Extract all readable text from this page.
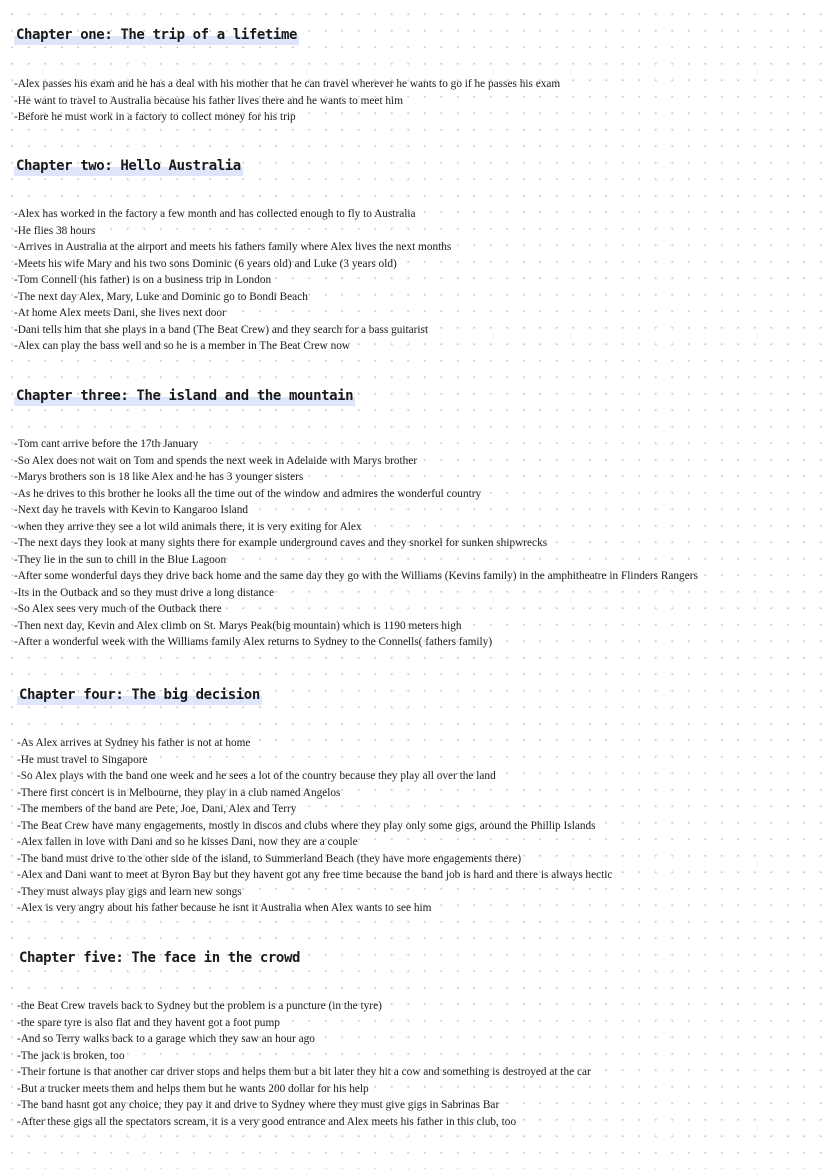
Chapter one: The trip of a lifetime

-Alex passes his exam and he has a deal with his mother that he can travel wherever he wants to go if he passes his exam

-He want to travel to Australia because his father lives there and he wants to meet him

-Before he must work in a factory to collect money for his trip

Chapter two: Hello Australia

-Alex has worked in the factory a few month and has collected enough to fly to Australia

-He flies 38 hours

-Arrives in Australia at the airport and meets his fathers family where Alex lives the next months

-Meets his wife Mary and his two sons Dominic (6 years old) and Luke (3 years old)

-Tom Connell (his father) is on a business trip in London

-The next day Alex, Mary, Luke and Dominic go to Bondi Beach

-At home Alex meets Dani, she lives next door

-Dani tells him that she plays in a band (The Beat Crew) and they search for a bass guitarist

-Alex can play the bass well and so he is a member in The Beat Crew now

Chapter three: The island and the mountain

-Tom cant arrive before the 17th January

-So Alex does not wait on Tom and spends the next week in Adelaide with Marys brother

-Marys brothers son is 18 like Alex and he has 3 younger sisters

-As he drives to this brother he looks all the time out of the window and admires the wonderful country

-Next day he travels with Kevin to Kangaroo Island

-when they arrive they see a lot wild animals there, it is very exiting for Alex

-The next days they look at many sights there for example underground caves and they snorkel for sunken shipwrecks

-They lie in the sun to chill in the Blue Lagoon

-After some wonderful days they drive back home and the same day they go with the Williams (Kevins family) in the amphitheatre in Flinders Rangers

-Its in the Outback and so they must drive a long distance

-So Alex sees very much of the Outback there

-Then next day, Kevin and Alex climb on St. Marys Peak(big mountain) which is 1190 meters high

-After a wonderful week with the Williams family Alex returns to Sydney to the Connells( fathers family)

Chapter four: The big decision

-As Alex arrives at Sydney his father is not at home

-He must travel to Singapore

-So Alex plays with the band one week and he sees a lot of the country because they play all over the land

-There first concert is in Melbourne, they play in a club named Angelos

-The members of the band are Pete, Joe, Dani, Alex and Terry

-The Beat Crew have many engagements, mostly in discos and clubs where they play only some gigs, around the Phillip Islands

-Alex fallen in love with Dani and so he kisses Dani, now they are a couple

-The band must drive to the other side of the island, to Summerland Beach (they have more engagements there)

-Alex and Dani want to meet at Byron Bay but they havent got any free time because the band job is hard and there is always hectic

-They must always play gigs and learn new songs

-Alex is very angry about his father because he isnt it Australia when Alex wants to see him

Chapter five: The face in the crowd

-the Beat Crew travels back to Sydney but the problem is a puncture (in the tyre)

-the spare tyre is also flat and they havent got a foot pump

-And so Terry walks back to a garage which they saw an hour ago

-The jack is broken, too

-Their fortune is that another car driver stops and helps them but a bit later they hit a cow and something is destroyed at the car

-But a trucker meets them and helps them but he wants 200 dollar for his help

-The band hasnt got any choice, they pay it and drive to Sydney where they must give gigs in Sabrinas Bar

-After these gigs all the spectators scream, it is a very good entrance and Alex meets his father in this club, too
